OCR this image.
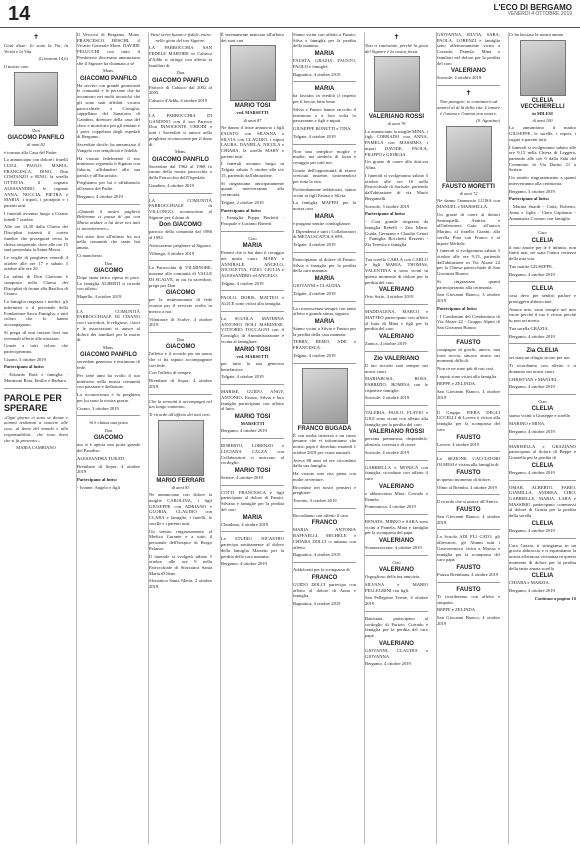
14	L'ECO DI BERGAMO
VENERDÌ 4 OTTOBRE 2019
✝

Gesù disse: Io sono la Via, la Verità e la Vita.

(Giovanni 14,6)

Il nostro caro

Don
GIACOMO PANFILO
di anni 82

è tornato alla Casa del Padre.

Lo annunciano con dolore i fratelli LUIGI, PAOLO, MARIA, FRANCESCA, DINO, Don COSTANZO e RINO, la sorella OTTAVIA, il cognato ALESSANDRO, le cognate ANNA, NUCCIA, PIETRA e MARIA, i nipoti, i pronipoti e i parenti tutti.

I funerali avranno luogo a Cisano lunedì 7 ottobre.

Alle ore 14,30 dalla Chiesa dei Disciplini inizierà il corteo funebre che proseguirà verso la chiesa arcipretale, dove alle ore 15 sarà presieduta la Santa Messa.

Le veglie di preghiera venerdì 4 ottobre alle ore 17 e sabato 5 ottobre alle ore 20.

La salma di Don Giacomo è composta nella Chiesa dei Disciplini di fronte alla Basilica di Cisano.

La famiglia ringrazia i medici, gli infermieri e il personale della Fondazione Sacra Famiglia, e tutti coloro che lo hanno accompagnato.

Si prega di non inviare fiori ma eventuali offerte alle missioni.

Grazie a tutti coloro che parteciperanno.

Cisano, 3 ottobre 2019

Partecipano al lutto:

- Edoardo Rota e famiglia - Martinoni Rota, Emilio e Barbara

PAROLE PER SPERARE

«Ogni giorno ci sono se donne e uomini testimoni a nascere alle cose, al dono del mondo e alla responsabilità... che sono dono che si fa presenza.»

MARIA CAMBIANO

Il Vescovo di Bergamo, Mons. FRANCESCO BESCHI, il Vicario Generale Mons. DAVIDE PELUCCHI con tutto il Presbiterio diocesano annunciano che il Signore ha chiamato a sé

Mons.
GIACOMO PANFILO

Ha servito con grande generosità le comunità e le persone che ha incontrato nei molti incarichi che gli sono stati affidati: vicario parrocchiale a Cavaglia, cappellano del Sanatorio di Gandino, direttore della casa del clero e incaricato per gli anziani e i preti, coppelano degli ospedali di Bergamo.

Sacerdote docile, ha annunciato il Vangelo con semplicità e fedeltà.

Ha vissuto fedelmente il suo ministero seguendo il Signore con fiducia, affidandosi alla sua parola e all'Eucaristia.

Preghiamo per lui e affidiamolo all'amore del Padre.

Bergamo, 4 ottobre 2019

«Quando il nostro pagherà Betlemme ci passa di qui con Maria andare a lui dove noi tutti ci incontreremo.»

Sei stato fino all'ultimo fra noi nella comunità che tanto hai amato.

Ci mancherai.

Don
GIACOMO

Dopo tanta fatica riposa in pace. La famiglia ALBERTI ti ricorda con affetto.

Mapello, 4 ottobre 2019

LA COMUNITÀ PARROCCHIALE DI CISANO con i sacerdoti, le religiose, i laici e le associazioni si unisce al dolore dei familiari per la morte di

Mons.
GIACOMO PANFILO

sacerdote generoso e testimone di fede.

Per sette anni ha svolto il suo ministero nella nostra comunità con passione e dedizione.

La riconoscenza e la preghiera per lui sono la nostra grazie.

Cisano, 3 ottobre 2019

Si è chiusa una porta

Don
GIACOMO

ma si è aperta una porta grande del Paradiso.

ALESSANDRA TURATI

Brembate di Sopra, 4 ottobre 2019

Partecipano al lutto:

- Ivonne, Angelo e figli

Vieni servo buono e fedele, entra nella gioia del tuo Signore.

LA PARROCCHIA SAN FEDELE MARTIRE in Calusco d'Adda si stringe con affetto ai familiari di

Don
GIACOMO PANFILO

Parroco di Calusco dal 2002 al 2005.

Calusco d'Adda, 4 ottobre 2019

LA PARROCCHIA DI GANDINO con il suo Parroco Don INNOCENTE CHIODI e tutti i Sacerdoti si unisce nella preghiera riconoscente per il dono di

Mons.
GIACOMO PANFILO

Sacerdote dal 1962 al 1968 fu curato della nostra parrocchia e della Parrocchia dell'Ospedale.

Gandino, 4 ottobre 2019

LA COMUNITÀ PARROCCHIALE di VILLONGO, riconoscente al Signore per il dono di

Don GIACOMO

parroco della comunità dal 1986 al 1992.

Assicuriamo preghiere al Signore.

Villongo, 4 ottobre 2019

La Parrocchia di VILMINORE, insieme alla comunità di VALLE DI SCALVE, in cui fu sacerdote, prega per Don

GIACOMO

per la testimonianza di fede vissuta per il servizio svolto in mezzo a noi.

Vilminore di Scalve, 4 ottobre 2019

Don
GIACOMO

l'affetto e il ricordo per un uomo che ci ha saputo accompagnare con fede.

Con l'affetto di sempre.

Brembate di Sopra, 4 ottobre 2019

Che la serenità ti accompagni nel tuo lungo cammino.

Ti ricordo all'affetto dei tuoi cari.

MARIO FERRARI
di anni 83

Ne annunciano con dolore la moglie CAROLINA, i figli GIUSEPPE con ADRIANO e GLORIA, CLAUDIO con CLARA e famiglie, i fratelli, le sorelle e i parenti tutti.

Un sentito ringraziamento al Medico Curante e a tutto il personale dell'hospice di Borgo Palazzo.

Il funerale si svolgerà sabato 5 ottobre alle ore 9 nella Parrocchiale di Sforzatica Santa Maria d'Oleno.

Sforzatica Santa Maria, 2 ottobre 2019

È serenamente mancato all'affetto dei suoi cari

MARIO TOSI
ved. MARSETTI
di anni 87

Ne danno il triste annuncio i figli FAUSTO con SILVANA e SILVIA con CLAUDIO, i nipoti LAURA, DANIELA, NICOLA e CHIARA, la sorella MARY e parenti tutti.

I funerali avranno luogo in Telgate sabato 5 ottobre alle ore 15, partendo dall'abitazione.

Si ringraziano anticipatamente quanti interverranno alla cerimonia.

Telgate, 2 ottobre 2019

Partecipano al lutto:

- Famiglia Poppa Pierlotti - Pasquale e Luciano Bonetti

Ciao
MARIA

Parenti che ci hai dato il coraggio nei nostri cuori, MARY e ANNIBALE ANGELO, NICOLETTA, TIZIO, GIULIA e ALESSANDRO ed ANGELO.

Telgate, 4 ottobre 2019

PAOLO, DORIS, MATTEO e ALICE sono vicini alla famiglia.

La SCUOLA MATERNA ANTONIO NOLI MARINESE, VITTORIO TOCCAGNI con il Consiglio di Amministrazione è vicina al famigliare.

MARIO TOSI
ved. MARSETTI

per tutta la sua generosa benefattrice.

Telgate, 4 ottobre 2019

MARISE, GUIDO, ANGY, ANTONIO, Fausto, Silvia e loro famiglie partecipano con affetto al lutto.

MARIO TOSI
MARSETTI

Bergamo, 4 ottobre 2019

ROBERTO, LORENZO e LUCIANA CALZA con Collaboratori si uniscono al cordoglio.

MARIO TOSI

Seriate, 4 ottobre 2019

COTTI FRANCESCA e figli partecipano al dolore di Fausto, Silvana e famiglie per la perdita del caro

MARIA

Chiuduno, 4 ottobre 2019

Le STUDIO NICASTRO partecipa sentitamente al dolore della famiglia Marsetti per la perdita della cara mamma.

Bergamo, 4 ottobre 2019

Siamo vicini con affetto a Fausto, Silva e famiglia per la perdita della mamma.

MARIA

FAUSTA, GRAZIA, FAUSTO, PAOLO e famiglie.

Bagnatica, 4 ottobre 2019

MARIA

ha lasciato in eredità il rispetto per il lavoro fatto bene.

Silvia e Fausto hanno raccolto il testimone e a loro volta lo passeranno a figli e nipoti.

GIUSEPPE BONETTI e TINA.

Telgate, 4 ottobre 2019

Non una semplice moglie e madre, ma simbolo di forza e coraggio per tutti noi.

Grazie dell'opportunità di essere cresciuti insieme, sostenendoci per tutta la vita.

Profondamente addolorati, siamo vicini ai figli Fausto e Silvia.

La famiglia MAFFEI per la nostra cara

MARIA

e purgano sentite condoglianze.

I Dipendenti e tutti i Collaboratori di METALSCATOLA SPA.

Telgate, 4 ottobre 2019

Partecipiamo al dolore di Fausto, Silvia e famiglie per la perdita della cara mamma.

MARIA

GIOVANNI e CLAUDIA.

Telgate, 4 ottobre 2019

La riconoscenza sempre con tanto affetto e grande stima, signora

MARIA

Siamo vicini a Silvia e Fausto per la perdita della cara mamma.

TERRY, REMO, ADE e FRANCESCA.

Telgate, 4 ottobre 2019

FRANCO BUGADA

È con molta tristezza e un cuore pesante che vi informiamo che nostro papà è deceduto martedì 1 ottobre 2019 per cause naturali.

Aveva 88 anni ed era circondato dalla sua famiglia.

Ha vissuto una vita piena con molte avventure.

Ricordato nei nostri pensieri e preghiere.

Toronto, 3 ottobre 2019

Ricordiamo con affetto il caro

FRANCO

MARIA ANTONIA RAFFAELLI, MICHELE e CHIARA DOLCI ci uniamo con affetto.

Bagnatica, 4 ottobre 2019

Addolorati per la scomparsa di

FRANCO

GUIDO DOLCI partecipa con affetto al dolore di Anna e famiglia.

Bagnatica, 4 ottobre 2019

✝

Non vi rattristate, perché la gioia del Signore è la vostra forza.

VALERIANO ROSSI
di anni 76

Lo annunciano la moglie MINA, i figli CORRADO con ANNA, PAMELA con MASSIMO, i nipoti DAVIDE, PAOLA, FILIPPO e GIORGIA.

Un grazie di cuore alla dott.ssa Alina.

I funerali si svolgeranno sabato 5 ottobre alle ore 10 nella Parrocchiale di Sorisole, partendo dall'abitazione di via Mario Bergamelli.

Sorisole, 3 ottobre 2019

Partecipano al lutto:

- Cora grande ringrazia da famiglia Rebelli - Zita Maria, Guida, Germano e Claudio Ceruti - Famiglia Rocchetti Rezzetti - Zia Teresita e famiglia

Tua sorella CARLA con CARLO e figli MARIA, THOMAS, VALENTINA ti sono vicini in questo momento di dolore per la perdita del caro

VALERIANO

Orio Sotto, 4 ottobre 2019

MADDALENA, MARCO e MATTEO partecipano con affetto al lutto di Mina e figli per la perdita del caro

VALERIANO

Zanica, 4 ottobre 2019

Zio VALERIANO

Il tuo ricordo sarà sempre nei nostri cuori.

MARIAROSA, ROSA, FABRIZIO, ROMINA con le rispettive famiglie.

Sorisole, 4 ottobre 2019

VALERIA, PAOLO, FLAVIO e GIGI sono vicini con affetto alla famiglia per la perdita del caro

VALERIANO ROSSI

persona premurosa, disponibile, altruista, corretta e di cuore.

Sorisole, 4 ottobre 2019

GABRIELLA e MONICA con famiglia, ricordano con affetto il caro

VALERIANO

e abbracciano Mina, Corrado e Pamela.

Ponteranica, 4 ottobre 2019

RENATA, MIRKO e SARA sono vicini a Pamela, Mina e famiglia per la scomparsa del papà

VALERIANO

Scanzorosciate, 4 ottobre 2019

Ciao
VALERIANO

Orgoglioso della tua amicizia.

SILVANA e MARIO PELLEGRINI con figli.

San Pellegrino Terme, 4 ottobre 2019

Battistata, partecipano al cordoglio di Forizio. Corrado e famiglia per la perdita del caro papà

VALERIANO

GIOVANNI, CLAUDIA e GIOVANNA.

Bergamo, 4 ottobre 2019

GIOVANNA, SILVIA, SARA, PAOLA, LORENZI e famiglia sono affettuosamente vicini a Corrado, Pamela, Mina e familiari nel dolore per la perdita del caro

VALERIANO

Sorisole, 4 ottobre 2019

✝

Non piangete, io continuerò ad amarvi al di là della vita. L'amore è l'anima e l'anima non muore.

(S. Agostino)

FAUSTO MORETTI
di anni 72

Ne danno l'annuncio LUISA con MANUEL e MARISELLA.

Un grazie di cuore ai dottori Senzaquelli, Andrea, e all'infermiera Gaio, all'amico Marino, al fratello Gianni, alla sorella Pina con Franco e al nipote Michele.

I funerali si svolgeranno sabato 5 ottobre alle ore 9,15, partendo dall'abitazione in Via Alzate 22 per la Chiesa parrocchiale di San Giovanni Bianco.

Si ringraziano quanti parteciperanno alla cerimonia.

San Giovanni Bianco, 3 ottobre 2019

Partecipano al lutto:

- I Condomini del Condominio di Via Alzate 22 - Gruppo Alpini di San Giovanni Bianco

FAUSTO

compagno di giochi, amico, una forte roccia, sincero amico nei momenti difficili.

Non ce ne sono più di rari così.

I nipoti sono vicini alla famiglia.

BEPPE e ZELINDA.

San Giovanni Bianco, 4 ottobre 2019

Il Gruppo FIERA DEGLI UCCELLI di Lovere è vicino alla famiglia per la scomparsa del caro

FAUSTO

Lovere, 4 ottobre 2019

La SEZIONE CACCIATORI OLMESI è vicina alla famiglia di

FAUSTO

in questo momento di dolore.

Olmo al Brembo, 4 ottobre 2019

Il ricordo che si unisce all'Amico

FAUSTO

San Giovanni Bianco, 4 ottobre 2019

La Scuola ADI FLI CATO, gli allievatori, gli Alunni tutti i Gastronomico vicini a Marisa e famiglia per la scomparsa del caro papà

FAUSTO

Piazza Brembana, 4 ottobre 2019

FAUSTO

Ti ricorderemo con affetto e simpatia.

BEPPE e ZELINDA.

San Giovanni Bianco, 4 ottobre 2019

Ci ha lasciato la nostra amata

CLELIA VECCHIERELLI
in MILESI
di anni 100

Lo annunciano il marito GIUSEPPE, le sorelle, i nipoti, i cugini e parenti tutti.

I funerali si svolgeranno sabato alle ore 9,15 nella Chiesa di Leggera, partendo alle ore 9 dalla Sala del Commiato di Via Durini 21 a Seriate.

Un sentito ringraziamento a quanti interverranno alla cerimonia.

Bergamo, 3 ottobre 2019

Partecipano al lutto:

- Marina Suardi - Carla, Roberto, Anna e figlia - Clara Capitanio - Annamaria Cornaro con famiglia

Caro
CLELIA

il mio amore per te è infinito, non finirà mai, sei stata l'unica certezza della mia vita.

Tuo marito GIUSEPPE.

Bergamo, 4 ottobre 2019

CLELIA

cosa devo per sentirti parlare e proteggerti abbracciare.

Amore mio, sarai sempre nel mio cuore perché il tuo è vicino perché tu non sei morta.

Tua sorella GRAZIA.

Bergamo, 4 ottobre 2019

Zia CLELIA

sei stata un rifugio sicuro per noi.

Ti ricordiamo con affetto e ti doniamo nei nostri cuori.

CHRISTIAN e MANUEL.

Bergamo, 4 ottobre 2019

Ciao
CLELIA

siamo vicini a Giuseppe e sorelle.

MARINO e MINA.

Bergamo, 4 ottobre 2019

MARISELLA e GRAZIANO partecipano al dolore di Beppe e Graziella per la perdita di

CLELIA

Bergamo, 4 ottobre 2019

OMAR, ALBERTO, FABIO, GIAMILLA, ANDREA, CIRO, GABRIELLE, MARIA, LARA e MASSIMO partecipano commossi al dolore di Grazia per la perdita della sorella

CLELIA

Bergamo, 4 ottobre 2019

Cara Grazia, ti stringiamo in un grosso abbraccio e ti esprimiamo la nostra affettuosa vicinanza in questo momento di dolore per la perdita della tanto amata sorella

CLELIA

CHIARA e MARZIA.

Bergamo, 4 ottobre 2019

Continua a pagina 16
